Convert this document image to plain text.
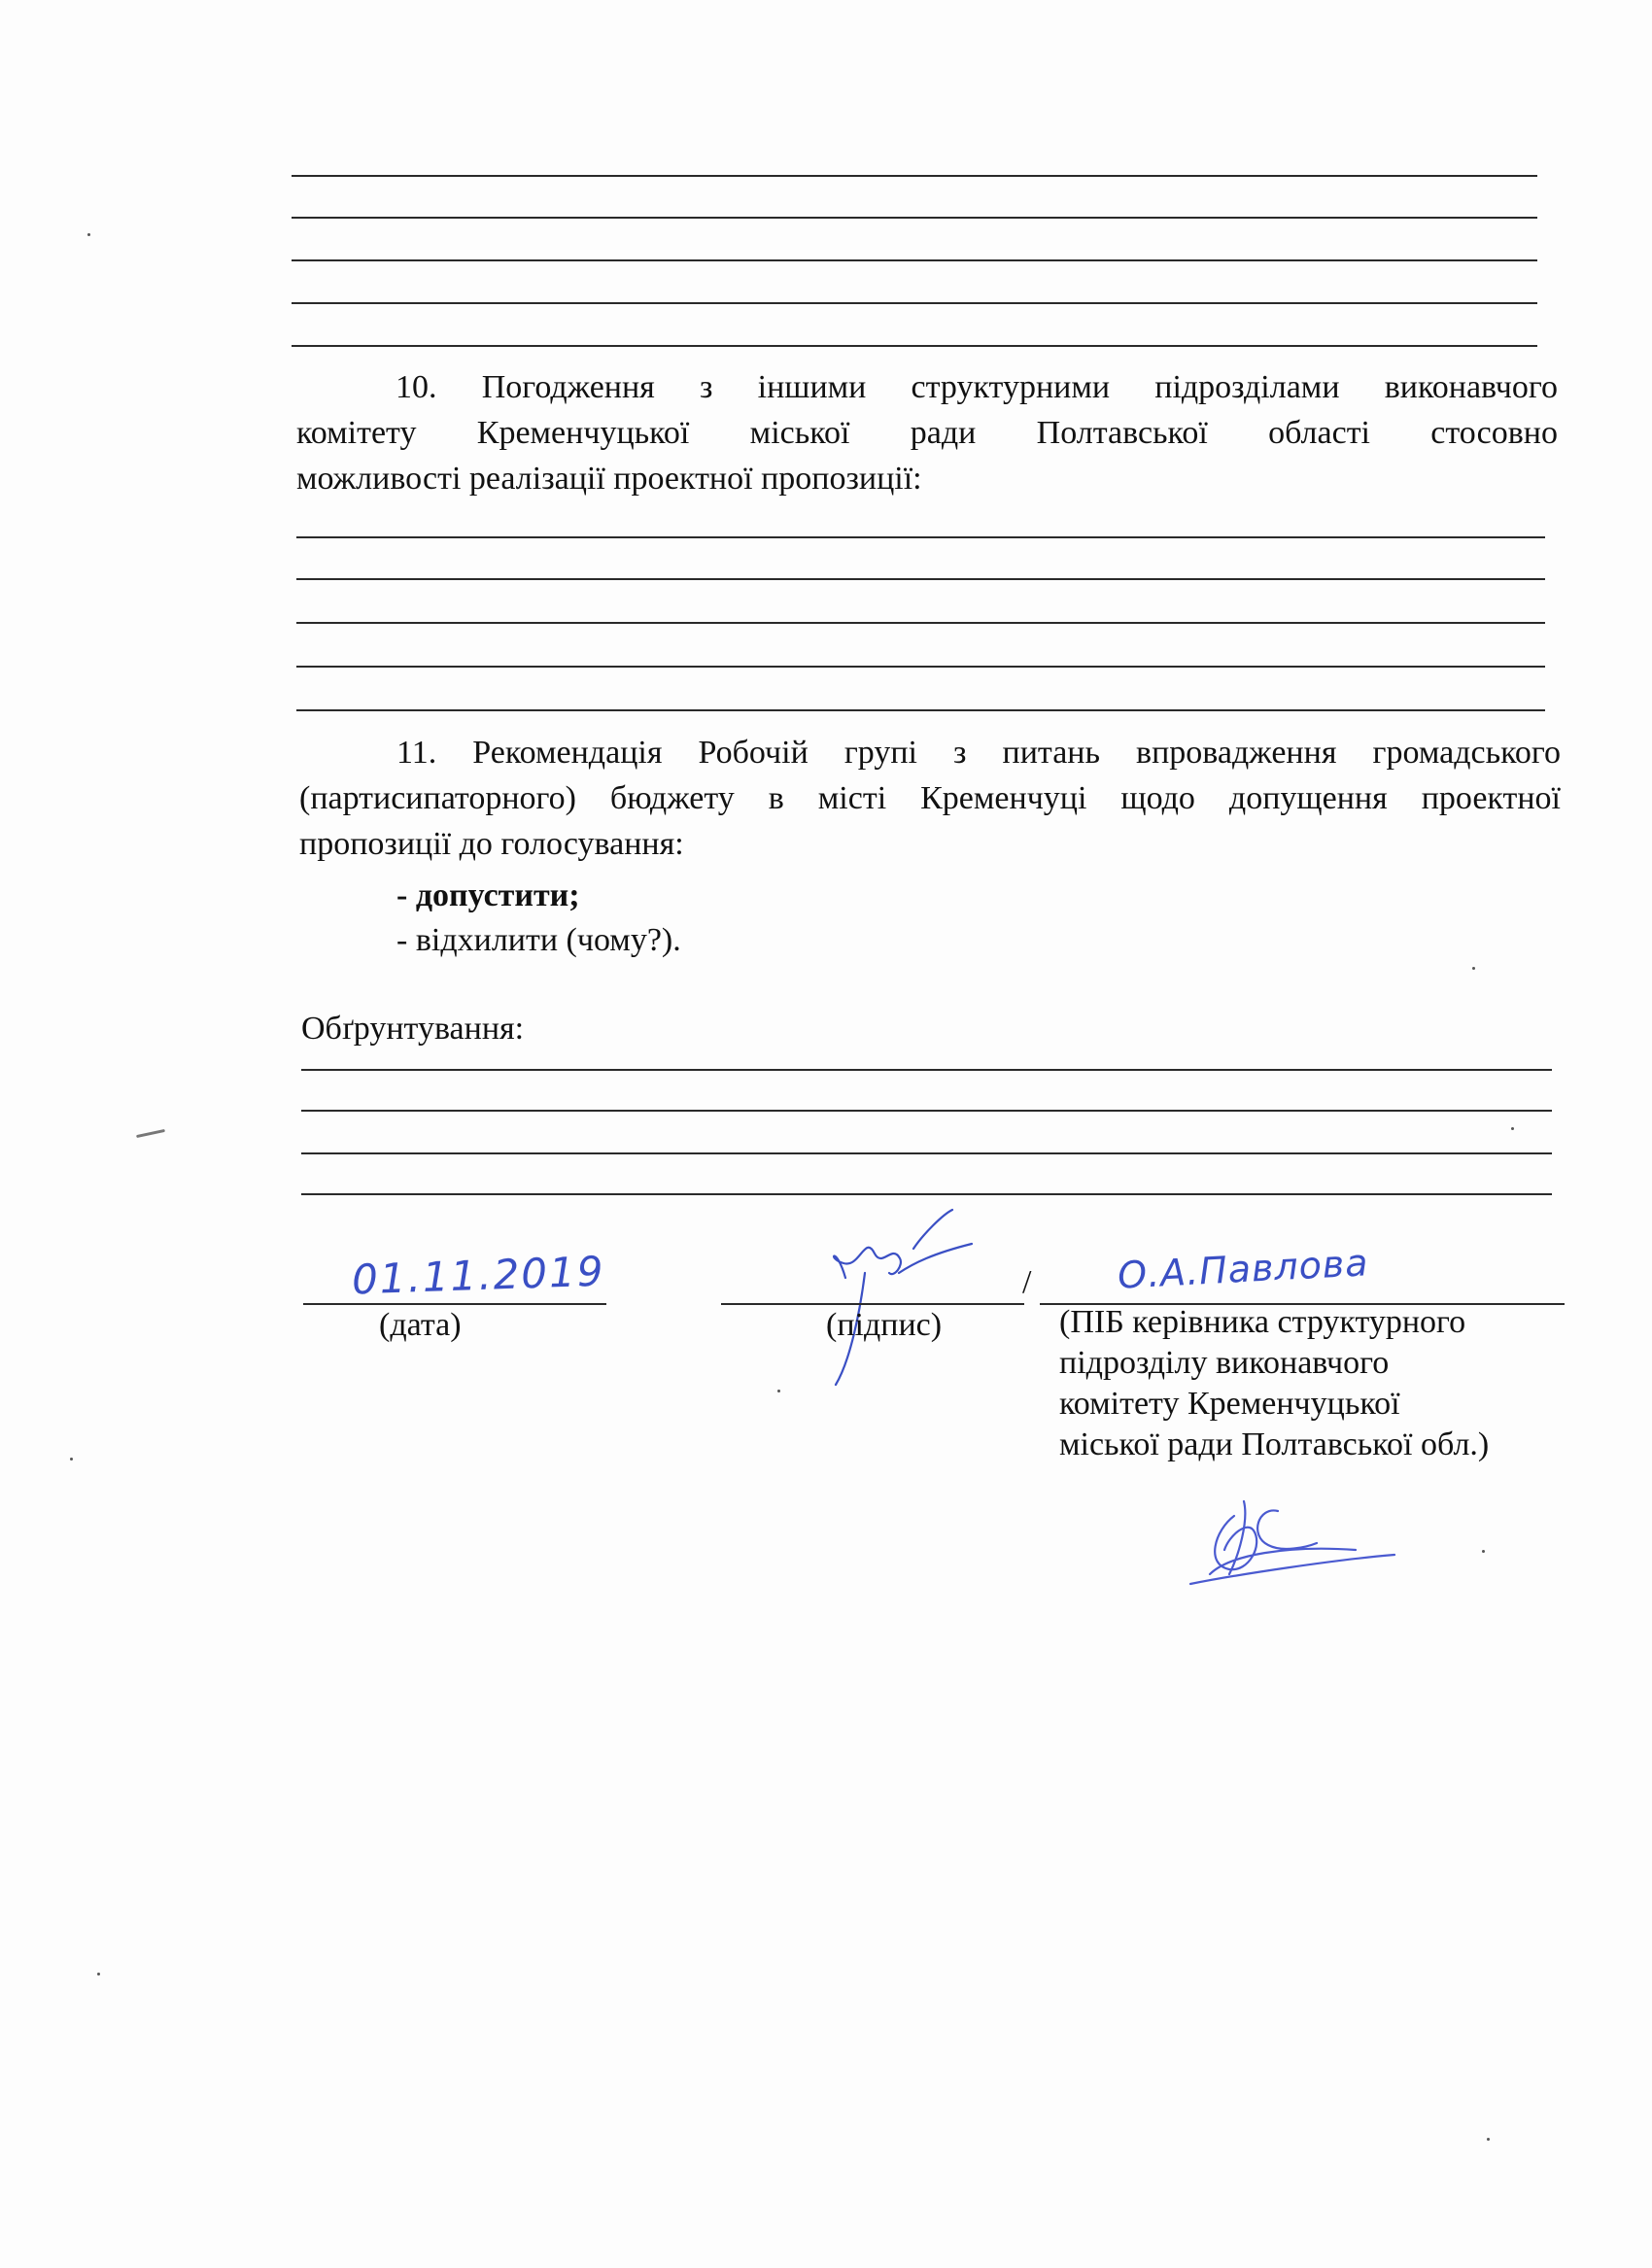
10. Погодження з іншими структурними підрозділами виконавчого
комітету Кременчуцької міської ради Полтавської області стосовно
можливості реалізації проектної пропозиції:
11. Рекомендація Робочій групі з питань впровадження громадського
(партисипаторного) бюджету в місті Кременчуці щодо допущення проектної
пропозиції до голосування:
- допустити;
- відхилити (чому?).
Обґрунтування:
01.11.2019
(дата)	(підпис)
/ О.А.Павлова
(ПІБ керівника структурного
підрозділу виконавчого
комітету Кременчуцької
міської ради Полтавської обл.)
